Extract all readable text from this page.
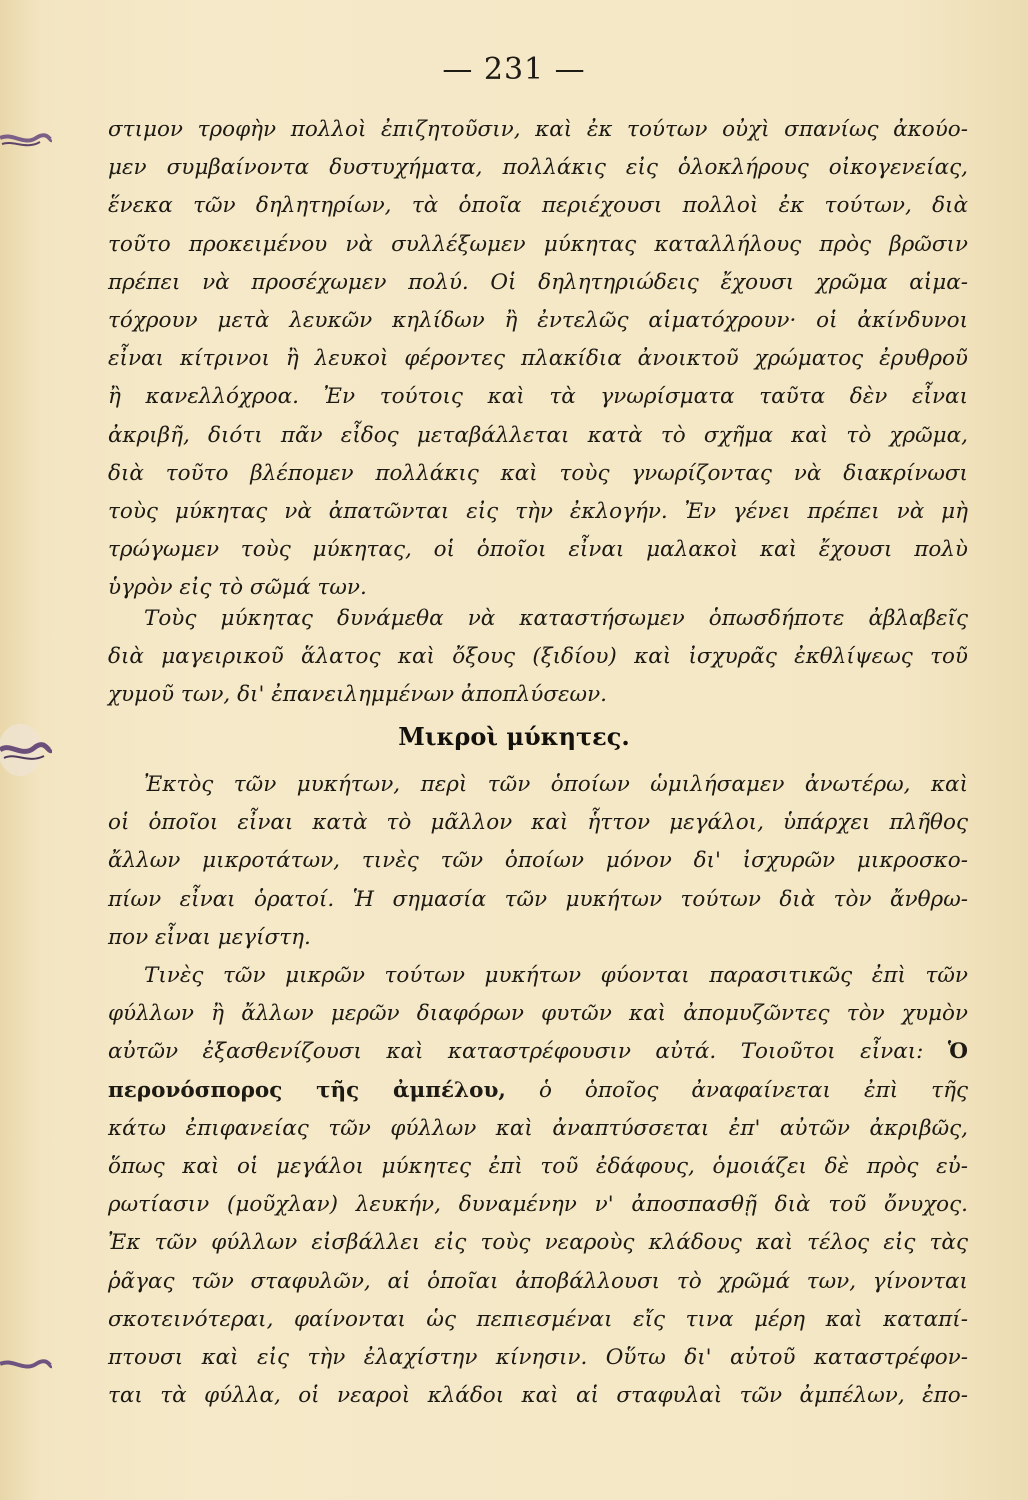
— 231 —
στιμον τροφὴν πολλοὶ ἐπιζητοῦσιν, καὶ ἐκ τούτων οὐχὶ σπανίως ἀκούο-
μεν συμβαίνοντα δυστυχήματα, πολλάκις εἰς ὁλοκλήρους οἰκογενείας,
ἕνεκα τῶν δηλητηρίων, τὰ ὁποῖα περιέχουσι πολλοὶ ἐκ τούτων, διὰ
τοῦτο προκειμένου νὰ συλλέξωμεν μύκητας καταλλήλους πρὸς βρῶσιν
πρέπει νὰ προσέχωμεν πολύ. Οἱ δηλητηριώδεις ἔχουσι χρῶμα αἱμα-
τόχρουν μετὰ λευκῶν κηλίδων ἢ ἐντελῶς αἱματόχρουν· οἱ ἀκίνδυνοι
εἶναι κίτρινοι ἢ λευκοὶ φέροντες πλακίδια ἀνοικτοῦ χρώματος ἐρυθροῦ
ἢ κανελλόχροα. Ἐν τούτοις καὶ τὰ γνωρίσματα ταῦτα δὲν εἶναι
ἀκριβῆ, διότι πᾶν εἶδος μεταβάλλεται κατὰ τὸ σχῆμα καὶ τὸ χρῶμα,
διὰ τοῦτο βλέπομεν πολλάκις καὶ τοὺς γνωρίζοντας νὰ διακρίνωσι
τοὺς μύκητας νὰ ἀπατῶνται εἰς τὴν ἐκλογήν. Ἐν γένει πρέπει νὰ μὴ
τρώγωμεν τοὺς μύκητας, οἱ ὁποῖοι εἶναι μαλακοὶ καὶ ἔχουσι πολὺ
ὑγρὸν εἰς τὸ σῶμά των.
Τοὺς μύκητας δυνάμεθα νὰ καταστήσωμεν ὁπωσδήποτε ἀβλαβεῖς
διὰ μαγειρικοῦ ἅλατος καὶ ὄξους (ξιδίου) καὶ ἰσχυρᾶς ἐκθλίψεως τοῦ
χυμοῦ των, δι' ἐπανειλημμένων ἀποπλύσεων.
Μικροὶ μύκητες.
Ἐκτὸς τῶν μυκήτων, περὶ τῶν ὁποίων ὡμιλήσαμεν ἀνωτέρω, καὶ
οἱ ὁποῖοι εἶναι κατὰ τὸ μᾶλλον καὶ ἧττον μεγάλοι, ὑπάρχει πλῆθος
ἄλλων μικροτάτων, τινὲς τῶν ὁποίων μόνον δι' ἰσχυρῶν μικροσκο-
πίων εἶναι ὁρατοί. Ἡ σημασία τῶν μυκήτων τούτων διὰ τὸν ἄνθρω-
πον εἶναι μεγίστη.
Τινὲς τῶν μικρῶν τούτων μυκήτων φύονται παρασιτικῶς ἐπὶ τῶν
φύλλων ἢ ἄλλων μερῶν διαφόρων φυτῶν καὶ ἀπομυζῶντες τὸν χυμὸν
αὐτῶν ἐξασθενίζουσι καὶ καταστρέφουσιν αὐτά. Τοιοῦτοι εἶναι: Ὁ
περονόσπορος τῆς ἀμπέλου, ὁ ὁποῖος ἀναφαίνεται ἐπὶ τῆς
κάτω ἐπιφανείας τῶν φύλλων καὶ ἀναπτύσσεται ἐπ' αὐτῶν ἀκριβῶς,
ὅπως καὶ οἱ μεγάλοι μύκητες ἐπὶ τοῦ ἐδάφους, ὁμοιάζει δὲ πρὸς εὐ-
ρωτίασιν (μοῦχλαν) λευκήν, δυναμένην ν' ἀποσπασθῇ διὰ τοῦ ὄνυχος.
Ἐκ τῶν φύλλων εἰσβάλλει εἰς τοὺς νεαροὺς κλάδους καὶ τέλος εἰς τὰς
ῥᾶγας τῶν σταφυλῶν, αἱ ὁποῖαι ἀποβάλλουσι τὸ χρῶμά των, γίνονται
σκοτεινότεραι, φαίνονται ὡς πεπιεσμέναι εἴς τινα μέρη καὶ καταπί-
πτουσι καὶ εἰς τὴν ἐλαχίστην κίνησιν. Οὕτω δι' αὐτοῦ καταστρέφον-
ται τὰ φύλλα, οἱ νεαροὶ κλάδοι καὶ αἱ σταφυλαὶ τῶν ἀμπέλων, ἐπο-
